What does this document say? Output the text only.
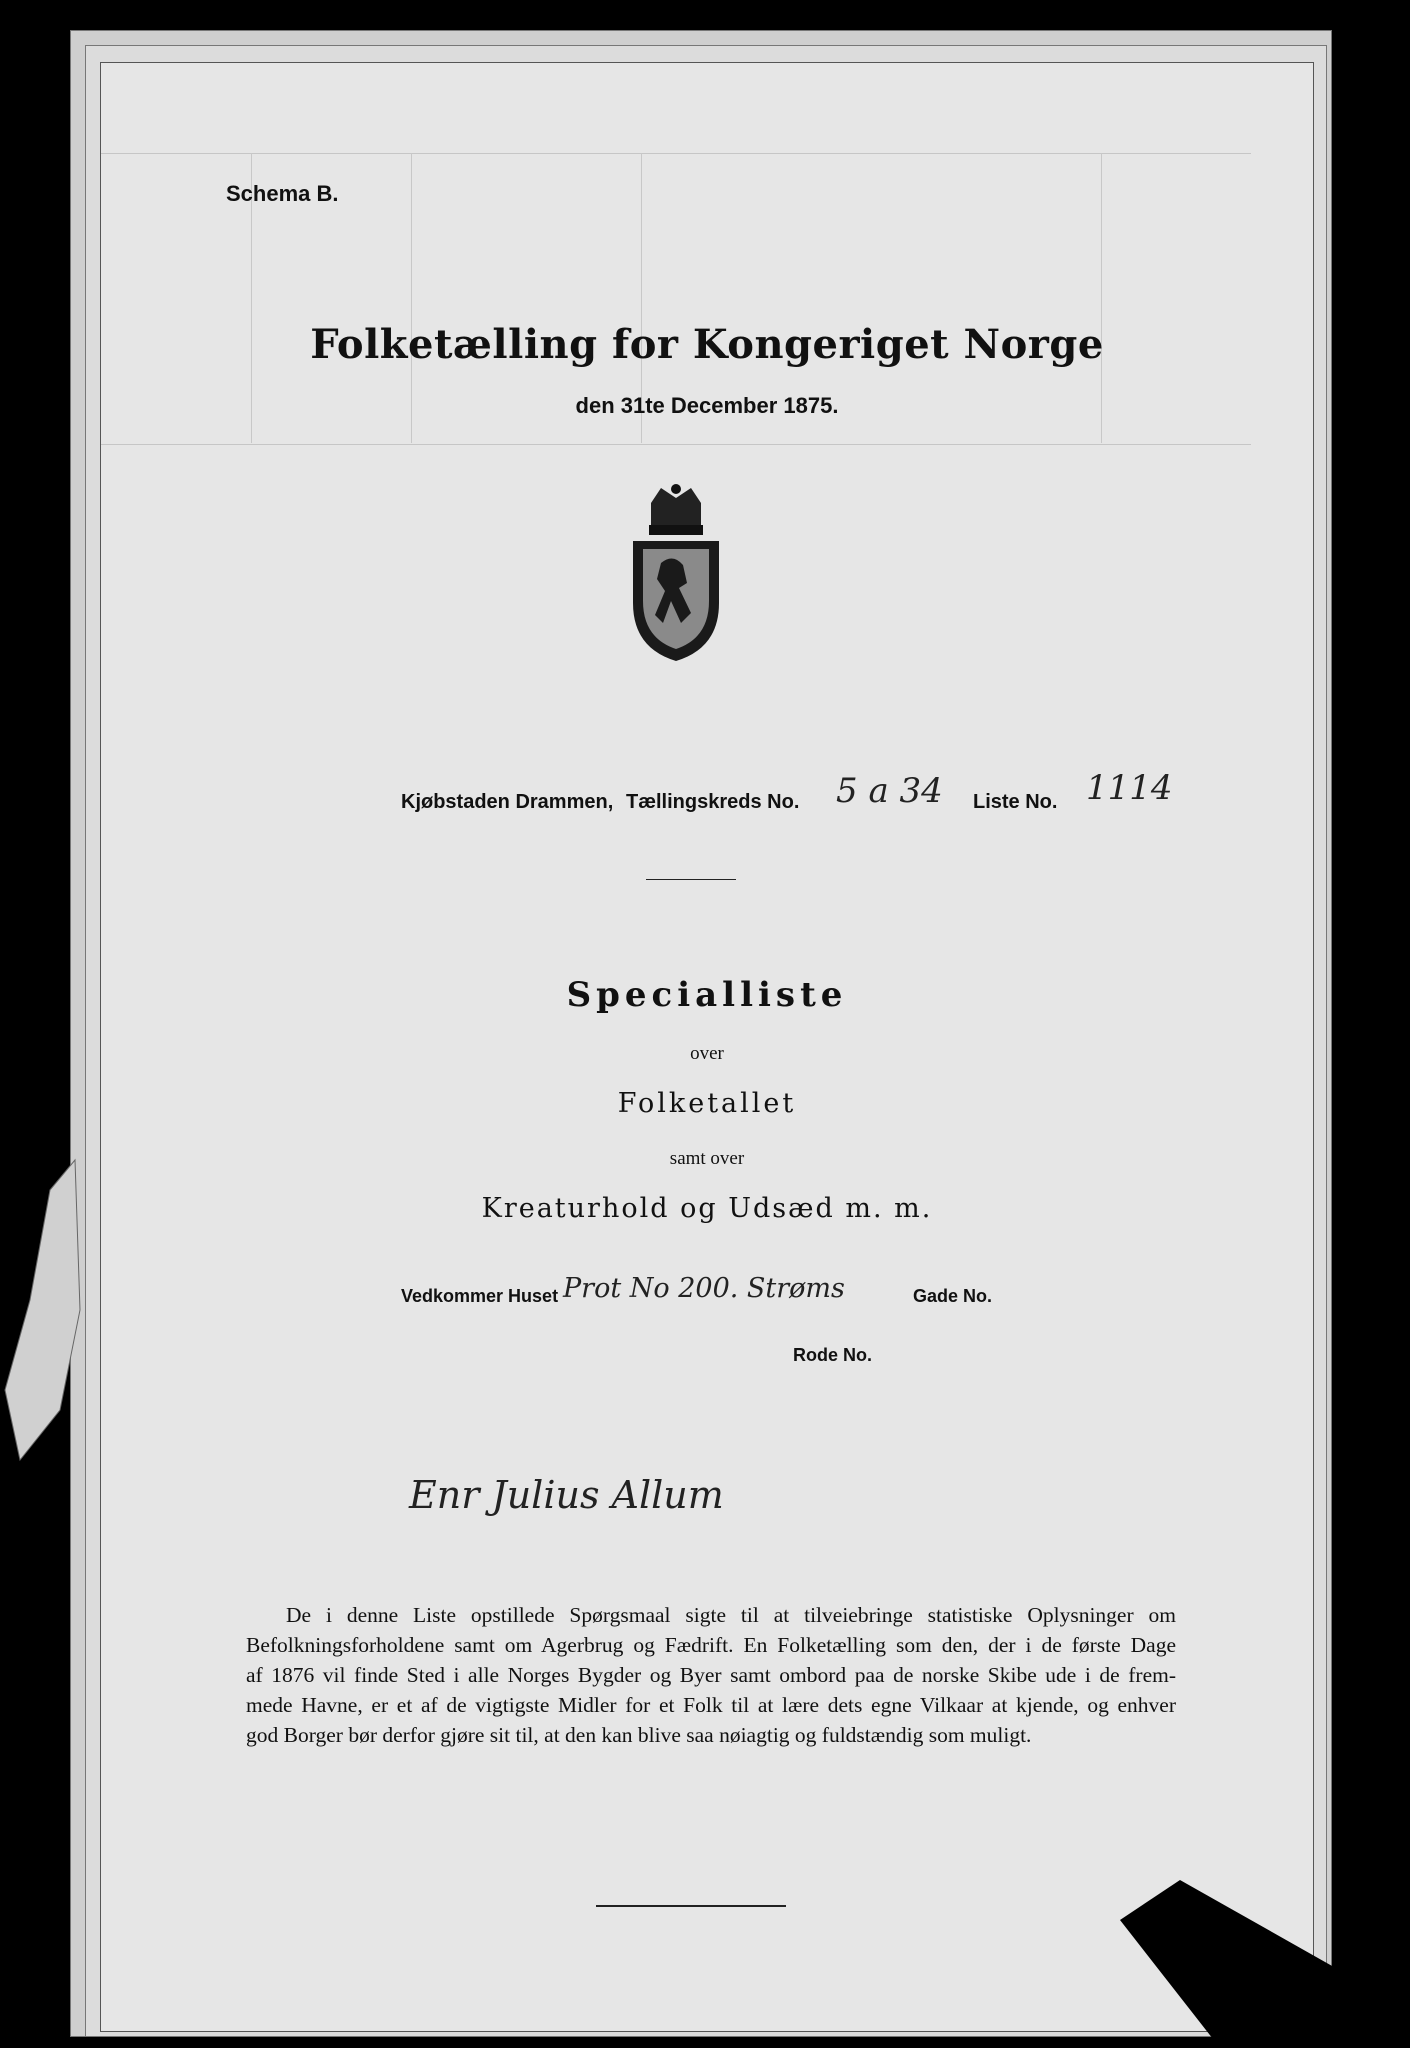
Schema B.
Folketælling for Kongeriget Norge
den 31te December 1875.
Kjøbstaden Drammen, Tællingskreds No. 5 a 34 Liste No. 1114
Specialliste
over
Folketallet
samt over
Kreaturhold og Udsæd m. m.
Vedkommer Huset Prot No 200. Strøms	Gade No.
Rode No.
Enr Julius Allum
De i denne Liste opstillede Spørgsmaal sigte til at tilveiebringe statistiske Oplysninger om
Befolkningsforholdene samt om Agerbrug og Fædrift. En Folketælling som den, der i de første Dage
af 1876 vil finde Sted i alle Norges Bygder og Byer samt ombord paa de norske Skibe ude i de frem-
mede Havne, er et af de vigtigste Midler for et Folk til at lære dets egne Vilkaar at kjende, og enhver
god Borger bør derfor gjøre sit til, at den kan blive saa nøiagtig og fuldstændig som muligt.
